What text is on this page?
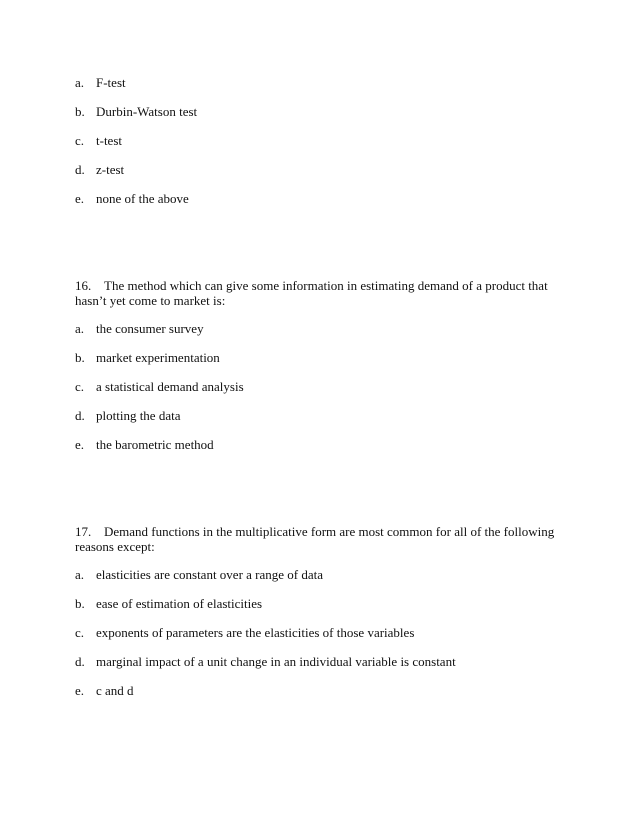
a. F-test
b. Durbin-Watson test
c. t-test
d. z-test
e. none of the above
16. The method which can give some information in estimating demand of a product that
hasn’t yet come to market is:
a. the consumer survey
b. market experimentation
c. a statistical demand analysis
d. plotting the data
e. the barometric method
17. Demand functions in the multiplicative form are most common for all of the following
reasons except:
a. elasticities are constant over a range of data
b. ease of estimation of elasticities
c. exponents of parameters are the elasticities of those variables
d. marginal impact of a unit change in an individual variable is constant
e. c and d
